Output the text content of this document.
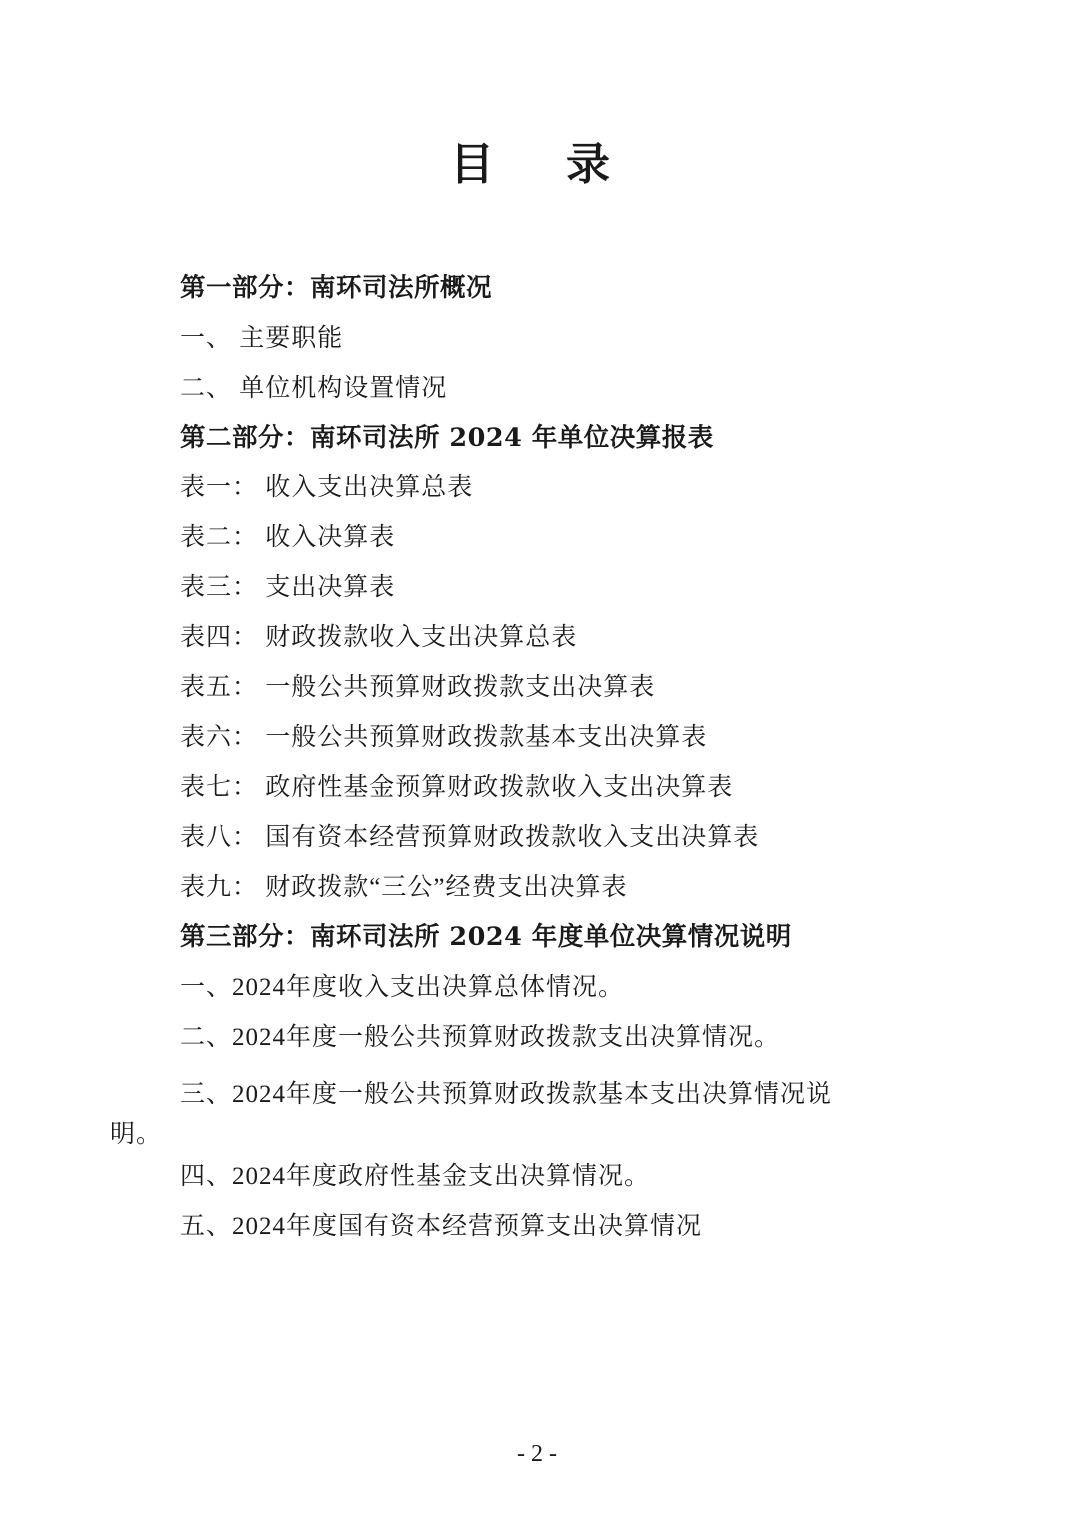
目　录
第一部分：南环司法所概况
一、 主要职能
二、 单位机构设置情况
第二部分：南环司法所 2024 年单位决算报表
表一： 收入支出决算总表
表二： 收入决算表
表三： 支出决算表
表四： 财政拨款收入支出决算总表
表五： 一般公共预算财政拨款支出决算表
表六： 一般公共预算财政拨款基本支出决算表
表七： 政府性基金预算财政拨款收入支出决算表
表八： 国有资本经营预算财政拨款收入支出决算表
表九： 财政拨款“三公”经费支出决算表
第三部分：南环司法所 2024 年度单位决算情况说明
一、2024年度收入支出决算总体情况。
二、2024年度一般公共预算财政拨款支出决算情况。
三、2024年度一般公共预算财政拨款基本支出决算情况说
明。
四、2024年度政府性基金支出决算情况。
五、2024年度国有资本经营预算支出决算情况
- 2 -
